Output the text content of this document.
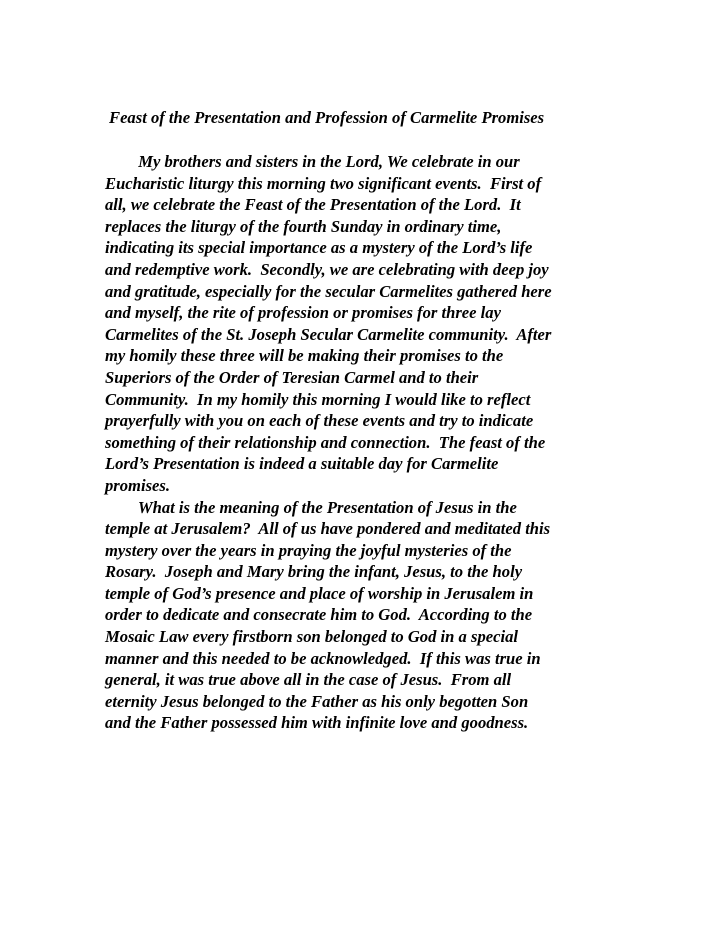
Feast of the Presentation and Profession of Carmelite Promises
My brothers and sisters in the Lord, We celebrate in our
Eucharistic liturgy this morning two significant events.  First of
all, we celebrate the Feast of the Presentation of the Lord.  It
replaces the liturgy of the fourth Sunday in ordinary time,
indicating its special importance as a mystery of the Lord’s life
and redemptive work.  Secondly, we are celebrating with deep joy
and gratitude, especially for the secular Carmelites gathered here
and myself, the rite of profession or promises for three lay
Carmelites of the St. Joseph Secular Carmelite community.  After
my homily these three will be making their promises to the
Superiors of the Order of Teresian Carmel and to their
Community.  In my homily this morning I would like to reflect
prayerfully with you on each of these events and try to indicate
something of their relationship and connection.  The feast of the
Lord’s Presentation is indeed a suitable day for Carmelite
promises.
What is the meaning of the Presentation of Jesus in the
temple at Jerusalem?  All of us have pondered and meditated this
mystery over the years in praying the joyful mysteries of the
Rosary.  Joseph and Mary bring the infant, Jesus, to the holy
temple of God’s presence and place of worship in Jerusalem in
order to dedicate and consecrate him to God.  According to the
Mosaic Law every firstborn son belonged to God in a special
manner and this needed to be acknowledged.  If this was true in
general, it was true above all in the case of Jesus.  From all
eternity Jesus belonged to the Father as his only begotten Son
and the Father possessed him with infinite love and goodness.
